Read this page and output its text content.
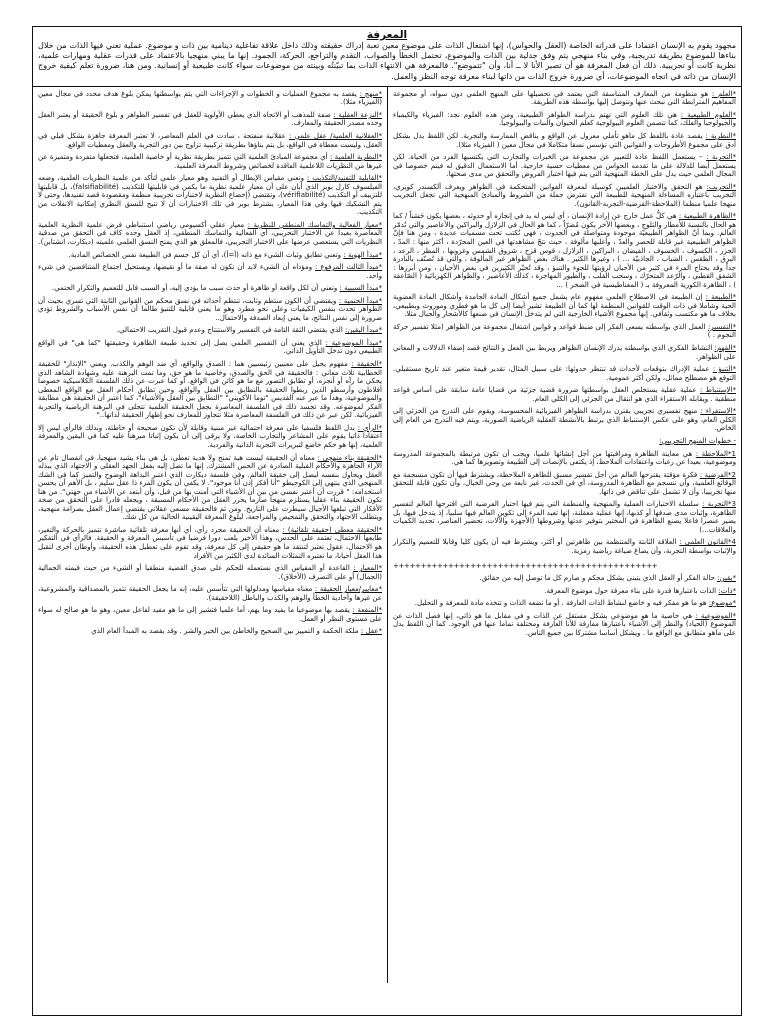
المعرفة
مجهود يقوم به الإنسان اعتمادا على قدراته الخاصة (العقل والحواس)، إنها اشتغال الذات على موضوع معين تعبة إدراك حقيقته وذلك داخل علاقة تفاعلية دينامية بين ذات و موضوع. عملية تعني فيها الذات من خلال بناءها للموضوع بطريقة تدريجية، وفي بناء منهجي يتم وفق جدلية بين الذات والموضوع، تحتمل الخطأ والصواب، التقدم والتراجع، الحركة، الجمود. إنها ما يبني منهجيا بالاعتماد على قدرات عقلية ومهارات علمية، نظرية كانت أو تجريبية. ذلك أن فعل المعرفة هو أن تصير الأنا لا ــ أنا، وأن "تتموضع". فالمعرفة هي الانتهاء الذات بما تبيّنتُه وبينته من موضوعات سواء كانت طبيعية أو إنسانية. ومن هنا، ضرورة تعلم كيفية خروج الإنسان من ذاته في اتجاه الموضوعات، أي ضرورة خروج الذات من ذاتها لبناء معرفة توجه النظر والعمل.
*العلم : هو منظومة من المعارف المتناسقة التي يعتمد في تحصيلها على المنهج العلمي دون سواه، أو مجموعة المفاهيم المترابطة التي نبحث عنها ونتوصل إليها بواسطة هذه الطريقة.
*العلوم الطبيعية : هي تلك العلوم التي تهتم بدراسة الظواهر الطبيعية، ومن هذه العلوم نجد: الفيزياء والكيمياء والجيولوجيا والفلك، كما تتضمن العلوم البيولوجية كعلم الحيوان والنبات والبيولوجيا.
*النظرية : يقصد عادة باللفظ كل ماهو تأملي معزول عن الواقع و يناقض الممارسة والتجربة. لكن اللفظ يدل بشكل أدق على مجموع الأطروحات و القوانين التي تؤسس نسقا متكاملا في مجال معين ( الفيزياء مثلا).
*التجربة : – يستعمل اللفظ عادة للتعبير عن مجموعة من الخبرات والتجارب التي يكتسبها الفرد من الحياة. لكن يستعمل أيضا للدلالة على ما تقدمه الحواس من معطيات حسية خارجية. أما الاستعمال الدقيق له فيتم خصوصا في المجال العلمي حيث يدل على الخطة المنهجية التي يتم فيها اختبار الفروض والتحقق من مدى صحتها.
*التجريب: هو التحقق والاختبار العلميين كوسيلة لمعرفة القوانين المتحكمة في الظواهر ويعرف ألكسندر كويري، التجريب باعتباره المساءلة المنهجية للطبيعة التي تفترض جملة من الشروط والمبادئ المنهجية التي تجعل التجريب منهجا علميا منظما (الملاحظة-الفرضية-التجربة-القانون).
*الظاهرة الطبيعية : هي كلُّ عمل خارج عن إرادة الإنسان ، أي ليس له يد في إنجازه أو حدوثه ، بعضها يكون حَسَناً / كما هو الحال بالنسبة للأمطار والثلوج ، وبعضها الآخر يكون مُضرّاً ، كما هو الحال في الزلازل والبراكين والأعاصير والتي تُدمّر العالم. وبما أنّ الظواهر الطبيعيّة موجودة ومتواصلة في الحدوث ، فهي تُكتب تحت مسميات عديدة ، ومن هنا فإنّ الظواهر الطبيعية غير قابلة للحصر والعدّ ، وأغلبها مألوفة ، حيث نتجّ مشاهدتها في العين المجرّدة ، أكثر منها : المدّ ، الجزر ، الكسوف ، الخسوف ، الفيضان ، البراكين ، الزلازل ، قوس قزح ، شروق الشمس وغروبها ، المطر ، الرعد ، البرق ، الطقس ، الضباب ، الجاذبيّة ... ) ، وغيرها الكثير . هناك بعض الظواهر غير المألوفة ، والتي قد تُصنّف بالنادرة جداً وقد يحتاج المرء في كثير من الأحيان لرؤيتها للجوء والتنبؤ ، وقد تُحيّر الكثيرين في بعض الأحيان ، ومن أبرزها : الشفق القطبي ، والرّعد المتحرّك ، وسحب القلب ، والطيور المهاجرة ، كذلك الأعاصير ، والظواهر الكهربائية ( الصّاعقة ) ، الظاهرة الكورية المعروفة بـ ( المغناطيسية في الصخر ) ...
*الطبيعة : إن الطبيعة في الاصطلاح العلمي مفهوم عام يشمل جميع أشكال المادة الجامدة وأشكال المادة العضوية الحية وشاملا في ذات الوقت للقوانين المنظمة لها كما أن الطبيعة تشير أيضا إلى كل ما هو فطري وموروث وبطبيعي، بخلاف ما هو مكتسب وثقافي. إنها مجموع الأشياء الخارجية التي لم يتدخل الإنسان في صنعها كالأشجار والجبال مثلا.
*التفسير: العمل الذي بواسطته يسعى الفكر إلى ضبط قواعد و قوانين اشتغال مجموعة من الظواهر (مثلا تفسير حركة النجوم . )
*الفهم: النشاط الفكري الذي بواسطته يدرك الإنسان الظواهر ويربط بين الفعل و النتائج قصد إضفاء الدلالات و المعاني على الظواهر.
*التنبؤ : عملية الإدراك بتوقعات لأحداث قد تنتظر حدوثها: على سبيل المثال، تقدير قيمة متغير عند تاريخ مستقبلي. التوقع هو مصطلح مماثل، ولكن أكثر عمومية.
*الإستنباط : عملية عقلية يستخلص العقل بواسطتها ضرورة قضية جزئية من قضايا عامة سابقة على أساس قواعد منطقية . ويقابله الاستقراء الذي هو انتقال من الجزئي إلى الكلي العام.
*الإستقراء : منهج تفسيري تجريبي يقترن بدراسة الظواهر الفيزيائية المحسوسة، ويقوم على التدرج من الجزئي إلى الكلي العام، وهو على عكس الإستنباط الذي يرتبط بالأنشطة العقلية الرياضية الصورية، ويتم فيه التدرج من العام إلى الخاص.
- خطوات المنهج التجريبي:
1*الملاحظة : هي معاينة الظاهرة ومراقبتها من أجل إنشائها علميا، ويجب أن تكون مرتبطة بالمجموعة المدروسة وموضوعية، بعيدا عن رغبات واعتقادات الملاحظ، إذ يكتفي بالإنصات إلى الطبيعة وتصويرها كما هي.
2*الفرضية : فكرة مؤقتة يقترحها العالم من أجل تفسير مسبق للظاهرة الملاحظة، ويشترط فيها أن تكون منسجمة مع الوقائع العلمية، وأن تنسجم مع الظاهرة المدروسة، أي في الحدث، غير نابعة من وحي الخيال، وأن تكون قابلة للتحقق منها تجريبيا، وأن لا تشمل على تناقض في ذاتها.
3*التجربة : سلسلة الاختبارات العملية والمنهجية والمنظمة التي يتم فيها اختبار الفرضية التي اقترحها العالم لتفسير الظاهرة، وإثبات مدى صدقها أو كذبها، إنها عملية معقلنة، إنها تعيد المرء إلى تكوين العالم فيها سلبيا، إذ يتدخل فيها، بل يصير عنصرا فاعلا يصنع الظاهرة في المختبر بتوفير عدتها وشروطها (الأجهزة والآلات، تحضير العناصر، تحديد الكميات والعلاقات...)
4*القانون العلمي : العلاقة الثابتة والمنتظمة بين ظاهرتين أو أكثر، ويشترط فيه أن يكون كليا وقابلا للتعميم والتكرار والإثبات بواسطة التجربة، وأن يصاغ صياغة رياضية رمزية.
++++++++++++++++++++++++++++++++++++++++++++++++
*يقين: حالة الفكر أو العقل الذي يتبنى بشكل محكم و صارم كل ما توصل إليه من حقائق.
*ذات: الذات باعتبارها قدرة على بناء معرفة حول موضوع المعرفة.
*موضوع: هو ما هو مفكر فيه و خاضع لنشاط الذات العارفة . أو ما تضعه الذات و تتخذه مادة للمعرفة و التحليل.
*الموضوعية : هي خاصية ما هو موضوعي بشكل مستقل عن الذات و في مقابل ما هو ذاتي، إنها فصل الذات عن الموضوع (الحياد) والنظر إلى الأشياء باعتبارها مفارقة للأنا العارفة ومختلفة تماما عنها في الوجود. كما أن اللفظ يدل على ماهو متطابق مع الواقع ما . ويشكل أساسا مشتركا بين جميع الناس.
*منهج : يقصد به مجموع العمليات و الخطوات و الإجراءات التي يتم بواسطتها يمكن بلوغ هدف محدد في مجال معين (الفيزياء مثلا).
*النزعة العقلية : صفة للمذهب أو الاتجاه الذي يعطي الأولوية للعقل في تفسير الظواهر و بلوغ الحقيقة أو يعتبر العقل وحده مصدر الحقيقة والمعارف.
*العقلانية العلمية/ عقل علمي : عقلانية منفتحة ، سادت في العلم المعاصر، لا تعتبر المعرفة جاهزة بشكل قبلي في العقل، وليست معطاة في الواقع، بل يتم بناؤها بطريقة تركيبية تزاوج بين دور التجربة والعقل ومعطيات الواقع.
*النظرية العلمية : أي مجموعة المبادئ العلمية التي تتميز بطريقة نظرية أو خاصية العلمية، فتجعلها متفردة ومتميزة عن غيرها من النظريات اللاعلمية الفاقدة لخصائص وشروط المعرفة العلمية.
*القابلية للتفنيد/التكذيب : وتعني مقياس الإبطال أو التفنيد وهو معيار علمي لتأكد من علمية النظريات العلمية، وضعه الفيلسوف كارل بوبر الذي أبان على أن معيار علمية نظرية ما يكمن في قابليتها للتكذيب (falsifiabilité)، بل قابليتها للتزييف أو التكذيب (vérifiabilité)، وتقتضي (إخضاع النظرية لاختبارات تجريبية منظمة ومقصودة قصد تفنيدها، وحتى لا يتم التشكيك فيها وفي هذا المعيار، يشترط بوبر في تلك الاختبارات أن لا تتيح للنسق النظري إمكانية الانفلات من التكذيب.
*معيار الفعالية والتماسك المنطقي للنظرية : معيار عقلي أكسيومي رياضي استنباطي فرض علمية النظرية العلمية المعاصرة بعيدا عن الاختبار التجريبي، أي الفعالية والتماسك المنطقي، إذ العقل وحده كاف في التحقق من صدقية النظريات التي يستعصي عرضها على الاختبار التجريبي، فالمعلق هو الذي يمنح النسق العلمي علميته (ديكارت، انشتاين).
*مبدأ الهوية : وتعني تطابق وثبات الشيء مع ذاته (أ=أ)، أي أن كل جسم في الطبيعة نفس الخصائص المادية.
*مبدأ الثالث المرفوع : ومؤداه أن الشيء لابد أن تكون له صفة ما أو نقيضها، ويستحيل اجتماع المتناقضين في شيء واحد.
*مبدأ السببية : وتعني أن لكل واقعة أو ظاهرة أو حدث سبب ما يؤدي إليه، أو السبب قابل للتعميم والتكرار الحتمي.
*مبدأ الحتمية : ويقتضي أن الكون منتظم وثابت، تنتظم أحداثه في نسق محكم من القوانين الثابتة التي تسري بحيث أن الظواهر تحدث بنفس الكيفيات وعلى نحو مطرد وهو ما يعني قابلية للتنبؤ طالما أن نفس الأسباب والشروط تؤدي ضرورة إلى نفس النتائج، ما يعني إبعاد الصدفة والاحتمال..
*مبدأ اليقين: الذي يقتضي الثقة التامة في التفسير والاستنتاج وعدم قبول التقريب الاحتمالي.
*مبدأ الموضوعية : الذي يعني أن التفسير العلمي يصل إلى تحديد طبيعة الظاهرة وحقيقتها "كما هي" في الواقع الطبيعي دون تدخل التأويل الذاتي.
*الحقيقة : مفهوم يحيل على معنيين رئيسيين هما : الصدق والواقع، أي ضد الوهم والكذب. ويعني "الإنذار" للحقيقة الخطابية ثلاث معاني : فالحقيقة في الحق والصدق، وخاصية ما هو حق، وما تمت البرهنة عليه وشهادة الشاهد الذي يحكي ما رآه أو أنجزه، أو تطابق التصور مع ما هو كائن في الواقع. أو كما عبرت عن ذلك الفلسفة الكلاسيكية خصوصا أفلاطون وأرسطو الذين ربطوا الحقيقة بالتطابق بين العقل والواقع، وحين تطابق أحكام العقل مع الواقع المعطى والموضوعية، وهذا ما عبر عنه القديس "توما الأكويني" "التطابق بين العقل والأشياء"، كما اعتبر أن الحقيقة هي مطابقة الفكر لموضوعه. وقد تجسد ذلك في الفلسفة المعاصرة بجعل الحقيقة العلمية تتجلى في البرهنة الرياضية والتجربة الفيزيائية. لكن عبر عن ذلك في الفلسفة المعاصرة مثلا تتجاوز للمعارف نحو إظهار الحقيقة لذاتها.."
*الرأي : يدل اللفظ فلسفيا على معرفة احتمالية غير مبنية وقابلة لأن تكون صحيحة أو خاطئة، وبذلك فالرأي ليس إلا اعتقادا ذاتيا يقوم على المشاعر والتجارب الخاصة، ولا يرقى إلى أن يكون إثباتا مبرهنا عليه كما في اليقين والمعرفة العلمية، إنها هو حكم خاضع لتبريرات التجربة الذاتية والفردية.
*الحقيقة بناء منهجي : معناه أن الحقيقة ليست هبة تمنح ولا هدية تعطى، بل هي بناء يشيد منهجيا، في انفصال تام عن الآراء الجاهزة والأحكام القبلية الصادرة عن الحس المشترك. إنها ما تصل إليه بفعل الجهد العقلي و الاجتهاد الذي يبذله العقل ويحاول بنفسه ليصل إلى حقيقة العالم. وفي فلسفة ديكارت الذي اعتبر البداهة الوضوح والتميز كما في الشك المنهجي الذي ينتهي إلى الكوجيطو "أنا أفكر إذن أنا موجود". لا يكفي أن يكون المرء ذا عقل سليم ، بل الأهم أن يحسن استخدامه: " قررت أن أعتبر نفسي من بين أن الأشياء التي أمنت بها من قبل، وأن أبتعد عن الأشياء من جهتي". من هنا تكون الحقيقة بناء عقليا يستلزم منهجا صارما يحرر العقل من الأحكام المسبقة ، ويجعله قادرا على التحقق من صحة الأفكار التي تبلغها الأجيال سيطرت على التاريخ. ومن ثم فالحقيقة مسعى عقلاني يقتضي إعمال العقل بصرامة منهجية، ويتطلب الاجتهاد والتحقق والتمحيص والمراجعة، لبلوغ المعرفة اليقينية الخالية من كل شك.
*الحقيقة معطى (حقيقة تلقائية) : معناه أن الحقيقة مجرد رأي، أي أنها معرفة تلقائية مباشرة تتميز بالحركة والتغير، طابعها الاحتمال، تعتمد على الحدس، وهذا الأخير يلعب دورا فرضيا في تأسيس المعرفة و الحقيقة. فالرأي في التفكير هو الاحتمال، عقول تعتبر لتنتقد ما هو حقيقي إلى كل معرفة، وقد تقوم على تعطيل هذه الحقيقة، وأوطان أخرى لتقبل هذا العقل أحيانا، ما تعتبره التمثلات السائدة لدى الكثير من الأفراد
*المعيار : القاعدة أو المقياس الذي نستعمله للحكم على صدق القضية منطقيا أو الشيء من حيث قيمته الجمالية (الجمال) أو على التصرف (الأخلاق).
*معايير/معيار الحقيقة : معناه مقياسها ومدلولها التي تتأسس عليه، إنه ما يجعل الحقيقة تتميز بالمصداقية والمشروعية، عن غيرها وأحادية الخطأ والوهم والكذب والباطل (اللاحقيقة).
*المنفعة : يقصد بها موضوعيا ما يفيد وما يهم، أما علميا فتشير إلى ما هو مفيد لفاعل معين، وهو ما هو صالح له سواء على مستوى النظر أو العمل.
*عقل : ملكة الحكمة و التمييز بين الصحيح والخاطئ بين الخير والشر . وقد يقصد به المبدأ العام الذي
